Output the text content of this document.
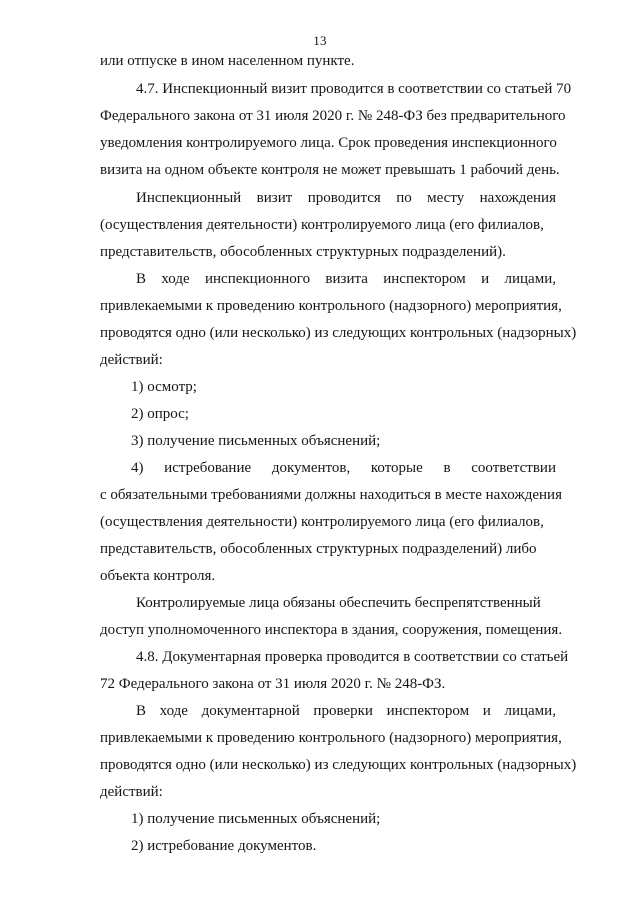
13
или отпуске в ином населенном пункте.
4.7. Инспекционный визит проводится в соответствии со статьей 70
Федерального закона от 31 июля 2020 г. № 248-ФЗ без предварительного
уведомления контролируемого лица. Срок проведения инспекционного
визита на одном объекте контроля не может превышать 1 рабочий день.
Инспекционный визит проводится по месту нахождения
(осуществления деятельности) контролируемого лица (его филиалов,
представительств, обособленных структурных подразделений).
В ходе инспекционного визита инспектором и лицами,
привлекаемыми к проведению контрольного (надзорного) мероприятия,
проводятся одно (или несколько) из следующих контрольных (надзорных)
действий:
1) осмотр;
2) опрос;
3) получение письменных объяснений;
4) истребование документов, которые в соответствии
с обязательными требованиями должны находиться в месте нахождения
(осуществления деятельности) контролируемого лица (его филиалов,
представительств, обособленных структурных подразделений) либо
объекта контроля.
Контролируемые лица обязаны обеспечить беспрепятственный
доступ уполномоченного инспектора в здания, сооружения, помещения.
4.8. Документарная проверка проводится в соответствии со статьей
72 Федерального закона от 31 июля 2020 г. № 248-ФЗ.
В ходе документарной проверки инспектором и лицами,
привлекаемыми к проведению контрольного (надзорного) мероприятия,
проводятся одно (или несколько) из следующих контрольных (надзорных)
действий:
1) получение письменных объяснений;
2) истребование документов.
